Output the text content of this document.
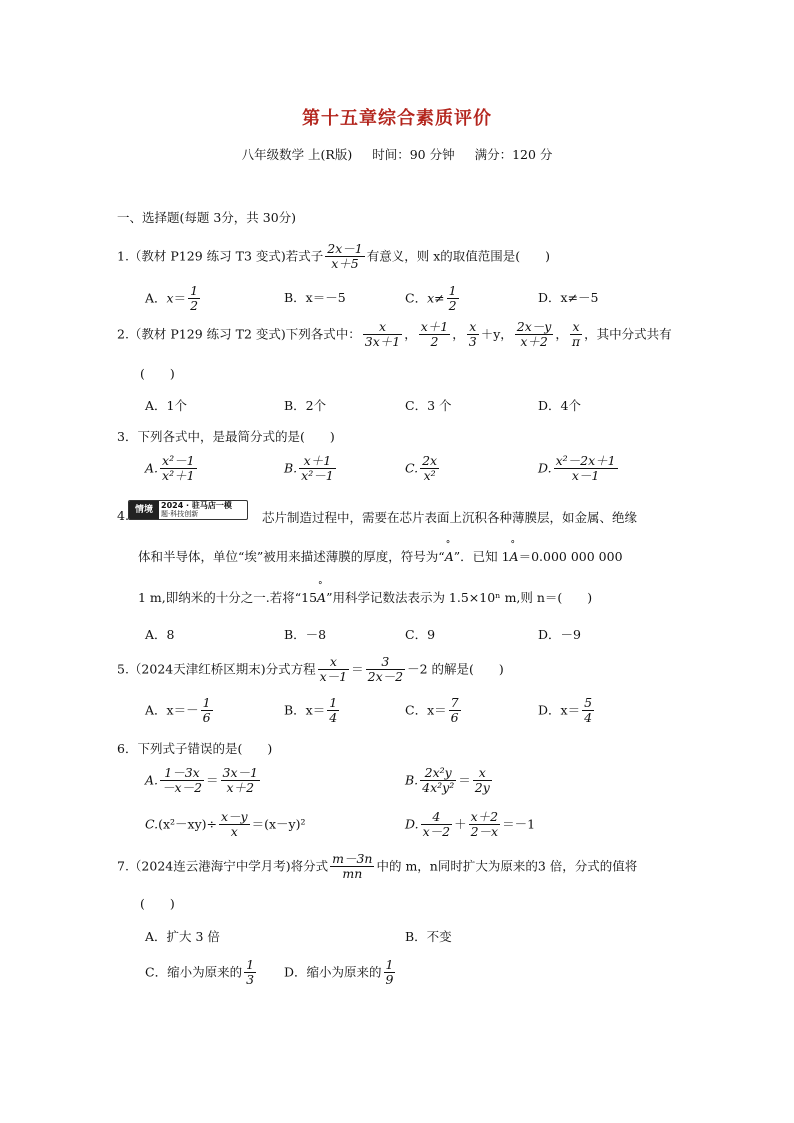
第十五章综合素质评价
八年级数学 上(R版) 时间：90 分钟 满分：120 分
一、选择题(每题 3分，共 30分)
1.（教材 P129 练习 T3 变式)若式子 $\frac{2x-1}{x+5}$ 有意义，则 x的取值范围是(　　)
A．$x= \frac{1}{2}$	B．x＝－5	C．$x\ne \frac{1}{2}$	D．x≠－5
2.（教材 P129 练习 T2 变式)下列各式中： $\frac{x}{3x+1}$ ， $\frac{x+1}{2}$ ， $\frac{x}{3} +y$， $\frac{2x-y}{x+2}$ ， $\frac{x}{\pi}$ ，其中分式共有
(　　)
A．1个	B．2个	C．3 个	D．4个
3．下列各式中，是最简分式的是(　　)
A. $\frac{\text{x²－1}}{\text{x²＋1}}$	B. $\frac{x+1}{\text{x²－1}}$	C. $\frac{2x}{\text{x²}}$	D. $\frac{\text{x²－2x＋1}}{x-1}$
4. 情境	2024 · 驻马店一模
题·科技创新	芯片制造过程中，需要在芯片表面上沉积各种薄膜层，如金属、绝缘
体和半导体，单位“埃”被用来描述薄膜的厚度，符号为“° A”．已知 1° A＝0.000 000 000
1 m,即纳米的十分之一.若将“15° A”用科学记数法表示为 1.5×10ⁿ m,则 n＝(　　)
A．8	B．－8	C．9	D．－9
5.（2024天津红桥区期末)分式方程 $\frac{x}{x-1} = \frac{3}{2x-2} -2$ 的解是(　　)
A．$x=- \frac{1}{6}$	B．$x= \frac{1}{4}$	C．$x= \frac{7}{6}$	D．$x= \frac{5}{4}$
6．下列式子错误的是(　　)
A. $\frac{1-3x}{-x-2} = \frac{3x-1}{x+2}$	B. $\frac{\text{2x²y}}{\text{4x²y²}} = \frac{x}{2y}$
$C.(x^2-xy)\div \frac{x-y}{x} =(x-y)^2$	D. $\frac{4}{x-2} + \frac{x+2}{2-x} =-1$
7.（2024连云港海宁中学月考)将分式 $\frac{m-3n}{mn}$ 中的 m，n同时扩大为原来的3 倍，分式的值将
(　　)
A．扩大 3 倍	B．不变
C．缩小为原来的 $\frac{1}{3}$ D．缩小为原来的 $\frac{1}{9}$
